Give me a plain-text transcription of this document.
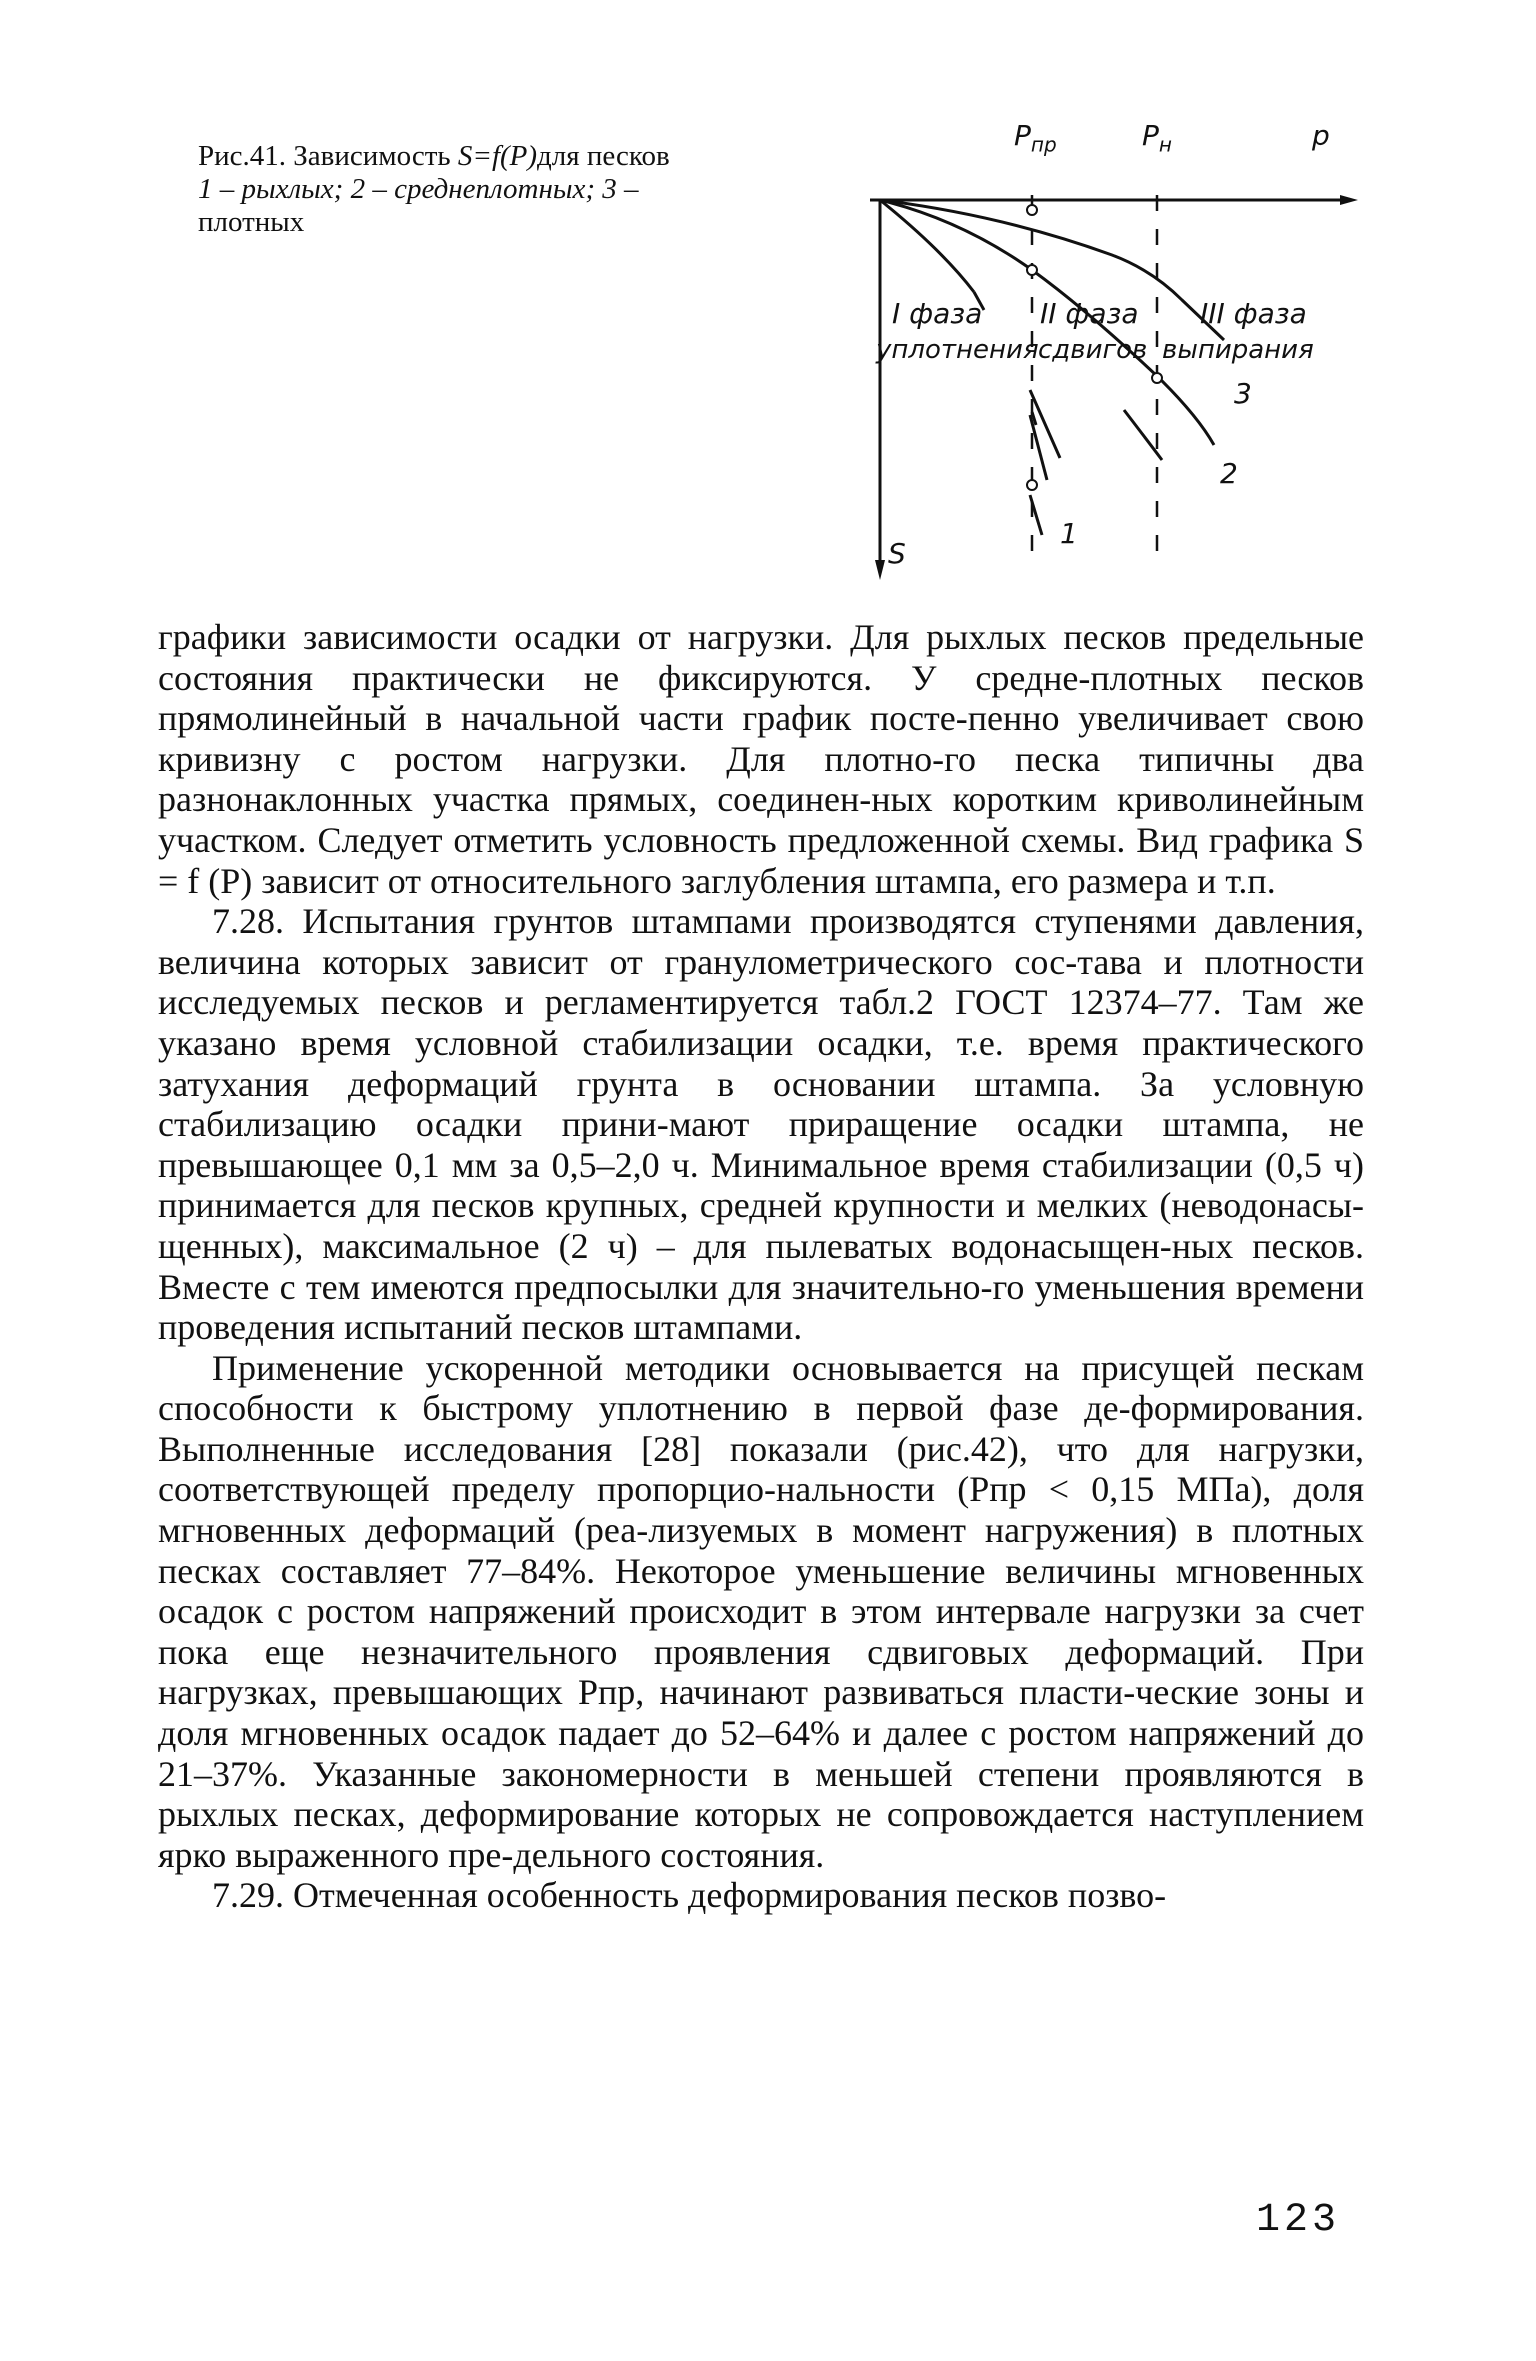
Рис.41. Зависимость S=f(P)для песков
1 – рыхлых; 2 – среднеплотных; 3 –
плотных
$P_{пр}$	$P_н$	p
S
I фаза
уплотнения
II фаза
сдвигов
III фаза
выпирания
1
2
3

графики зависимости осадки от нагрузки. Для рыхлых песков предельные состояния практически не фиксируются. У средне-плотных песков прямолинейный в начальной части график посте-пенно увеличивает свою кривизну с ростом нагрузки. Для плотно-го песка типичны два разнонаклонных участка прямых, соединен-ных коротким криволинейным участком. Следует отметить условность предложенной схемы. Вид графика S = f (P) зависит от относительного заглубления штампа, его размера и т.п.

7.28. Испытания грунтов штампами производятся ступенями давления, величина которых зависит от гранулометрического сос-тава и плотности исследуемых песков и регламентируется табл.2 ГОСТ 12374–77. Там же указано время условной стабилизации осадки, т.е. время практического затухания деформаций грунта в основании штампа. За условную стабилизацию осадки прини-мают приращение осадки штампа, не превышающее 0,1 мм за 0,5–2,0 ч. Минимальное время стабилизации (0,5 ч) принимается для песков крупных, средней крупности и мелких (неводонасы-щенных), максимальное (2 ч) – для пылеватых водонасыщен-ных песков. Вместе с тем имеются предпосылки для значительно-го уменьшения времени проведения испытаний песков штампами.

Применение ускоренной методики основывается на присущей пескам способности к быстрому уплотнению в первой фазе де-формирования. Выполненные исследования [28] показали (рис.42), что для нагрузки, соответствующей пределу пропорцио-нальности (Pпр < 0,15 МПа), доля мгновенных деформаций (реа-лизуемых в момент нагружения) в плотных песках составляет 77–84%. Некоторое уменьшение величины мгновенных осадок с ростом напряжений происходит в этом интервале нагрузки за счет пока еще незначительного проявления сдвиговых деформаций. При нагрузках, превышающих Pпр, начинают развиваться пласти-ческие зоны и доля мгновенных осадок падает до 52–64% и далее с ростом напряжений до 21–37%. Указанные закономерности в меньшей степени проявляются в рыхлых песках, деформирование которых не сопровождается наступлением ярко выраженного пре-дельного состояния.

7.29. Отмеченная особенность деформирования песков позво-

123
